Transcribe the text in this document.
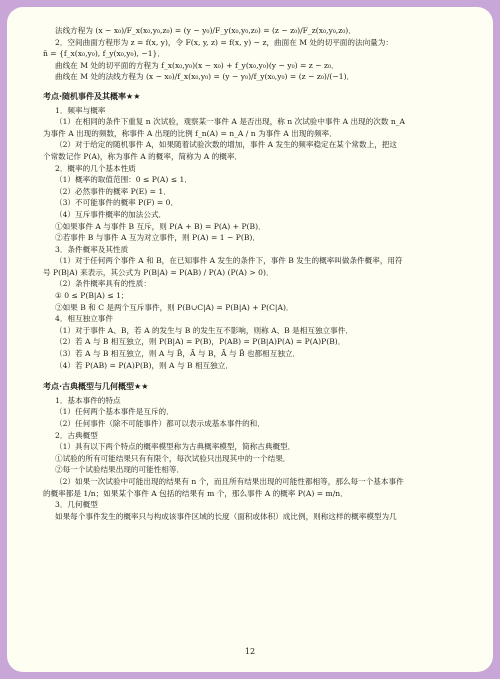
法线方程为 (x − x₀)/F_x(x₀,y₀,z₀) = (y − y₀)/F_y(x₀,y₀,z₀) = (z − z₀)/F_z(x₀,y₀,z₀)．
2．空间曲面方程形为 z = f(x, y)，令 F(x, y, z) = f(x, y) − z，曲面在 M 处的切平面的法向量为：
n̄ = {f_x(x₀,y₀), f_y(x₀,y₀), −1}．
曲线在 M 处的切平面的方程为 f_x(x₀,y₀)(x − x₀) + f_y(x₀,y₀)(y − y₀) = z − z₀．
曲线在 M 处的法线方程为 (x − x₀)/f_x(x₀,y₀) = (y − y₀)/f_y(x₀,y₀) = (z − z₀)/(−1)．
考点·随机事件及其概率★★
1．频率与概率
（1）在相同的条件下重复 n 次试验，观察某一事件 A 是否出现，称 n 次试验中事件 A 出现的次数 n_A
为事件 A 出现的频数，称事件 A 出现的比例 f_n(A) = n_A / n 为事件 A 出现的频率．
（2）对于给定的随机事件 A，如果随着试验次数的增加，事件 A 发生的频率稳定在某个常数上，把这
个常数记作 P(A)，称为事件 A 的概率，简称为 A 的概率．
2．概率的几个基本性质
（1）概率的取值范围：0 ≤ P(A) ≤ 1．
（2）必然事件的概率 P(E) = 1．
（3）不可能事件的概率 P(F) = 0．
（4）互斥事件概率的加法公式．
①如果事件 A 与事件 B 互斥，则 P(A + B) = P(A) + P(B)．
②若事件 B 与事件 A 互为对立事件，则 P(A) = 1 − P(B)．
3．条件概率及其性质
（1）对于任何两个事件 A 和 B，在已知事件 A 发生的条件下，事件 B 发生的概率叫做条件概率，用符
号 P(B|A) 来表示，其公式为 P(B|A) = P(AB) / P(A) (P(A) > 0)．
（2）条件概率具有的性质：
① 0 ≤ P(B|A) ≤ 1；
②如果 B 和 C 是两个互斥事件，则 P(B∪C|A) = P(B|A) + P(C|A)．
4．相互独立事件
（1）对于事件 A、B，若 A 的发生与 B 的发生互不影响，则称 A、B 是相互独立事件．
（2）若 A 与 B 相互独立，则 P(B|A) = P(B)，P(AB) = P(B|A)P(A) = P(A)P(B)．
（3）若 A 与 B 相互独立，则 A 与 B̄，Ā 与 B，Ā 与 B̄ 也都相互独立．
（4）若 P(AB) = P(A)P(B)，则 A 与 B 相互独立．
考点·古典概型与几何概型★★
1．基本事件的特点
（1）任何两个基本事件是互斥的．
（2）任何事件（除不可能事件）都可以表示成基本事件的和．
2．古典概型
（1）具有以下两个特点的概率模型称为古典概率模型，简称古典概型．
①试验的所有可能结果只有有限个，每次试验只出现其中的一个结果．
②每一个试验结果出现的可能性相等．
（2）如果一次试验中可能出现的结果有 n 个，而且所有结果出现的可能性都相等，那么每一个基本事件
的概率都是 1/n；如果某个事件 A 包括的结果有 m 个，那么事件 A 的概率 P(A) = m/n．
3．几何概型
如果每个事件发生的概率只与构成该事件区域的长度（面积或体积）成比例，则称这样的概率模型为几
12
